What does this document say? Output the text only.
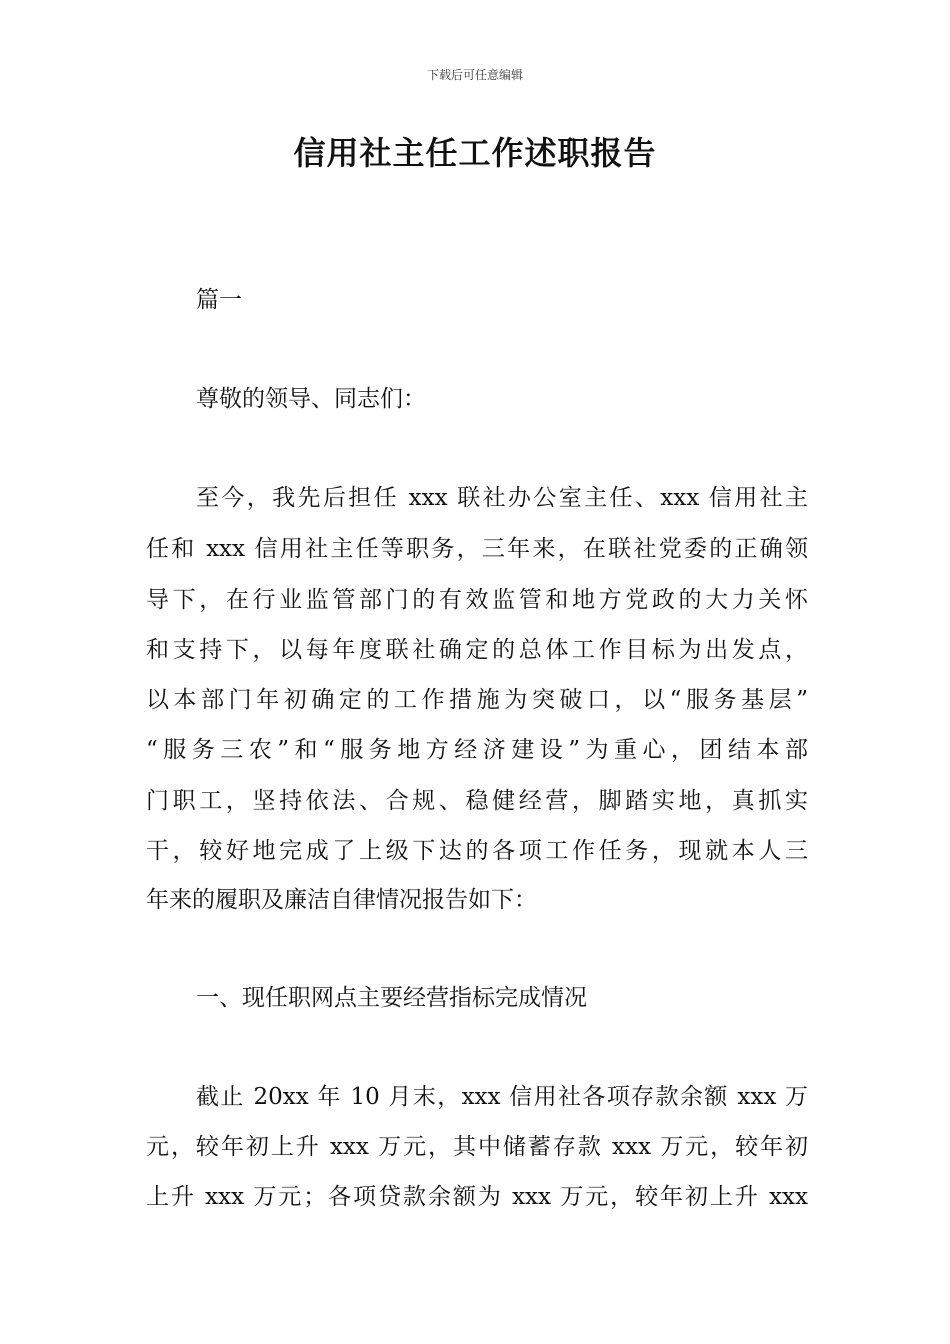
下载后可任意编辑
信用社主任工作述职报告
篇一
尊敬的领导、同志们：
至今，我先后担任 xxx 联社办公室主任、xxx 信用社主
任和 xxx 信用社主任等职务，三年来，在联社党委的正确领
导下，在行业监管部门的有效监管和地方党政的大力关怀
和支持下，以每年度联社确定的总体工作目标为出发点，
以本部门年初确定的工作措施为突破口，以“服务基层”
“服务三农”和“服务地方经济建设”为重心，团结本部
门职工，坚持依法、合规、稳健经营，脚踏实地，真抓实
干，较好地完成了上级下达的各项工作任务，现就本人三
年来的履职及廉洁自律情况报告如下：
一、现任职网点主要经营指标完成情况
截止 20xx 年 10 月末，xxx 信用社各项存款余额 xxx 万
元，较年初上升 xxx 万元，其中储蓄存款 xxx 万元，较年初
上升 xxx 万元；各项贷款余额为 xxx 万元，较年初上升 xxx
